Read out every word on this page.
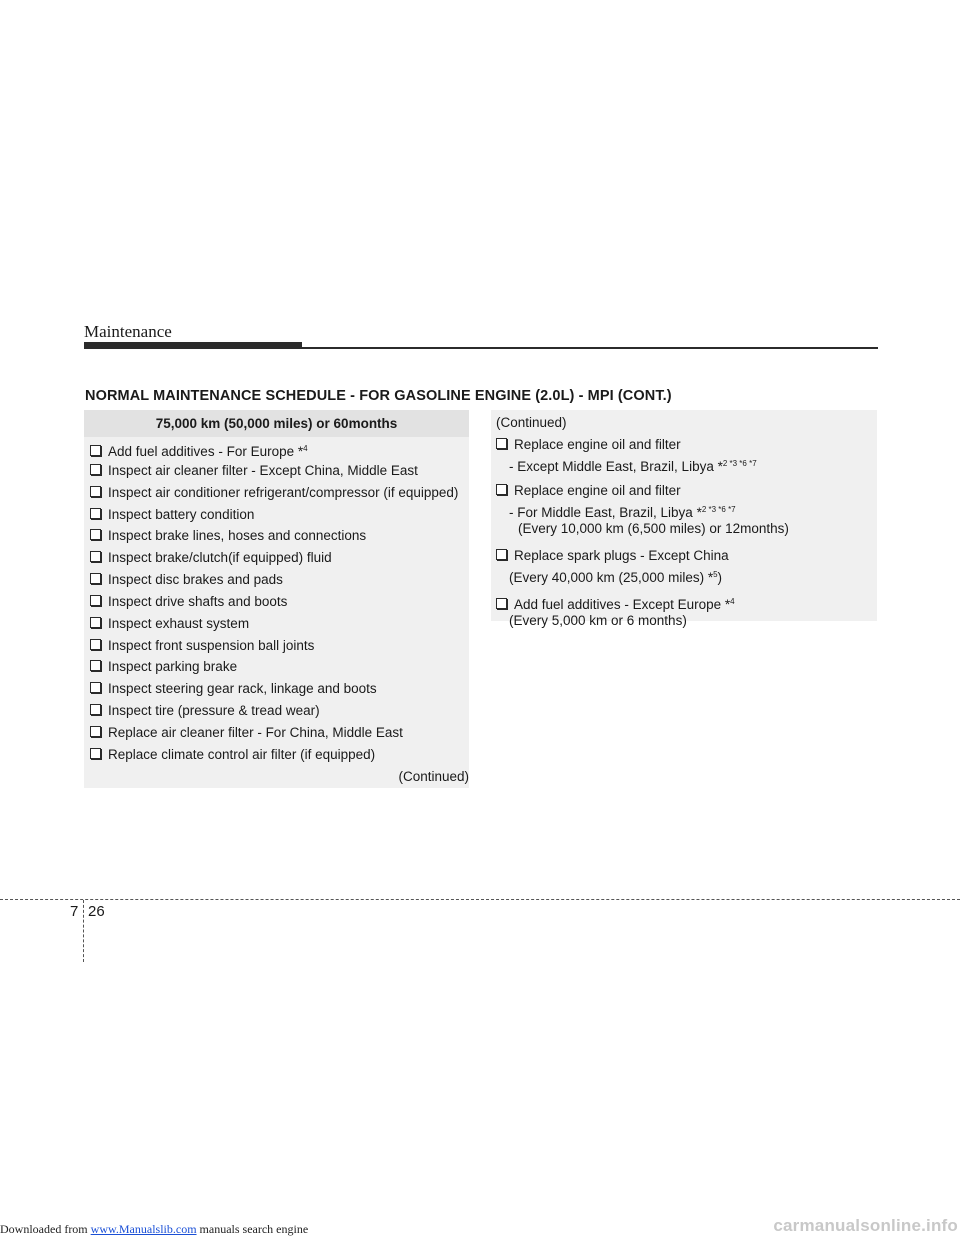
Maintenance
NORMAL MAINTENANCE SCHEDULE - FOR GASOLINE ENGINE (2.0L) - MPI (CONT.)
75,000 km (50,000 miles) or 60months
Add fuel additives - For Europe *$^4$
Inspect air cleaner filter - Except China, Middle East
Inspect air conditioner refrigerant/compressor (if equipped)
Inspect battery condition
Inspect brake lines, hoses and connections
Inspect brake/clutch(if equipped) fluid
Inspect disc brakes and pads
Inspect drive shafts and boots
Inspect exhaust system
Inspect front suspension ball joints
Inspect parking brake
Inspect steering gear rack, linkage and boots
Inspect tire (pressure & tread wear)
Replace air cleaner filter - For China, Middle East
Replace climate control air filter (if equipped)
(Continued)
(Continued)
Replace engine oil and filter
- Except Middle East, Brazil, Libya *$^{2 *3 *6 *7}$
Replace engine oil and filter
- For Middle East, Brazil, Libya *$^{2 *3 *6 *7}$
(Every 10,000 km (6,500 miles) or 12months)
Replace spark plugs - Except China
(Every 40,000 km (25,000 miles) *$^5$)
Add fuel additives - Except Europe *$^4$
(Every 5,000 km or 6 months)
7 26
Downloaded from www.Manualslib.com manuals search engine	carmanualsonline.info
